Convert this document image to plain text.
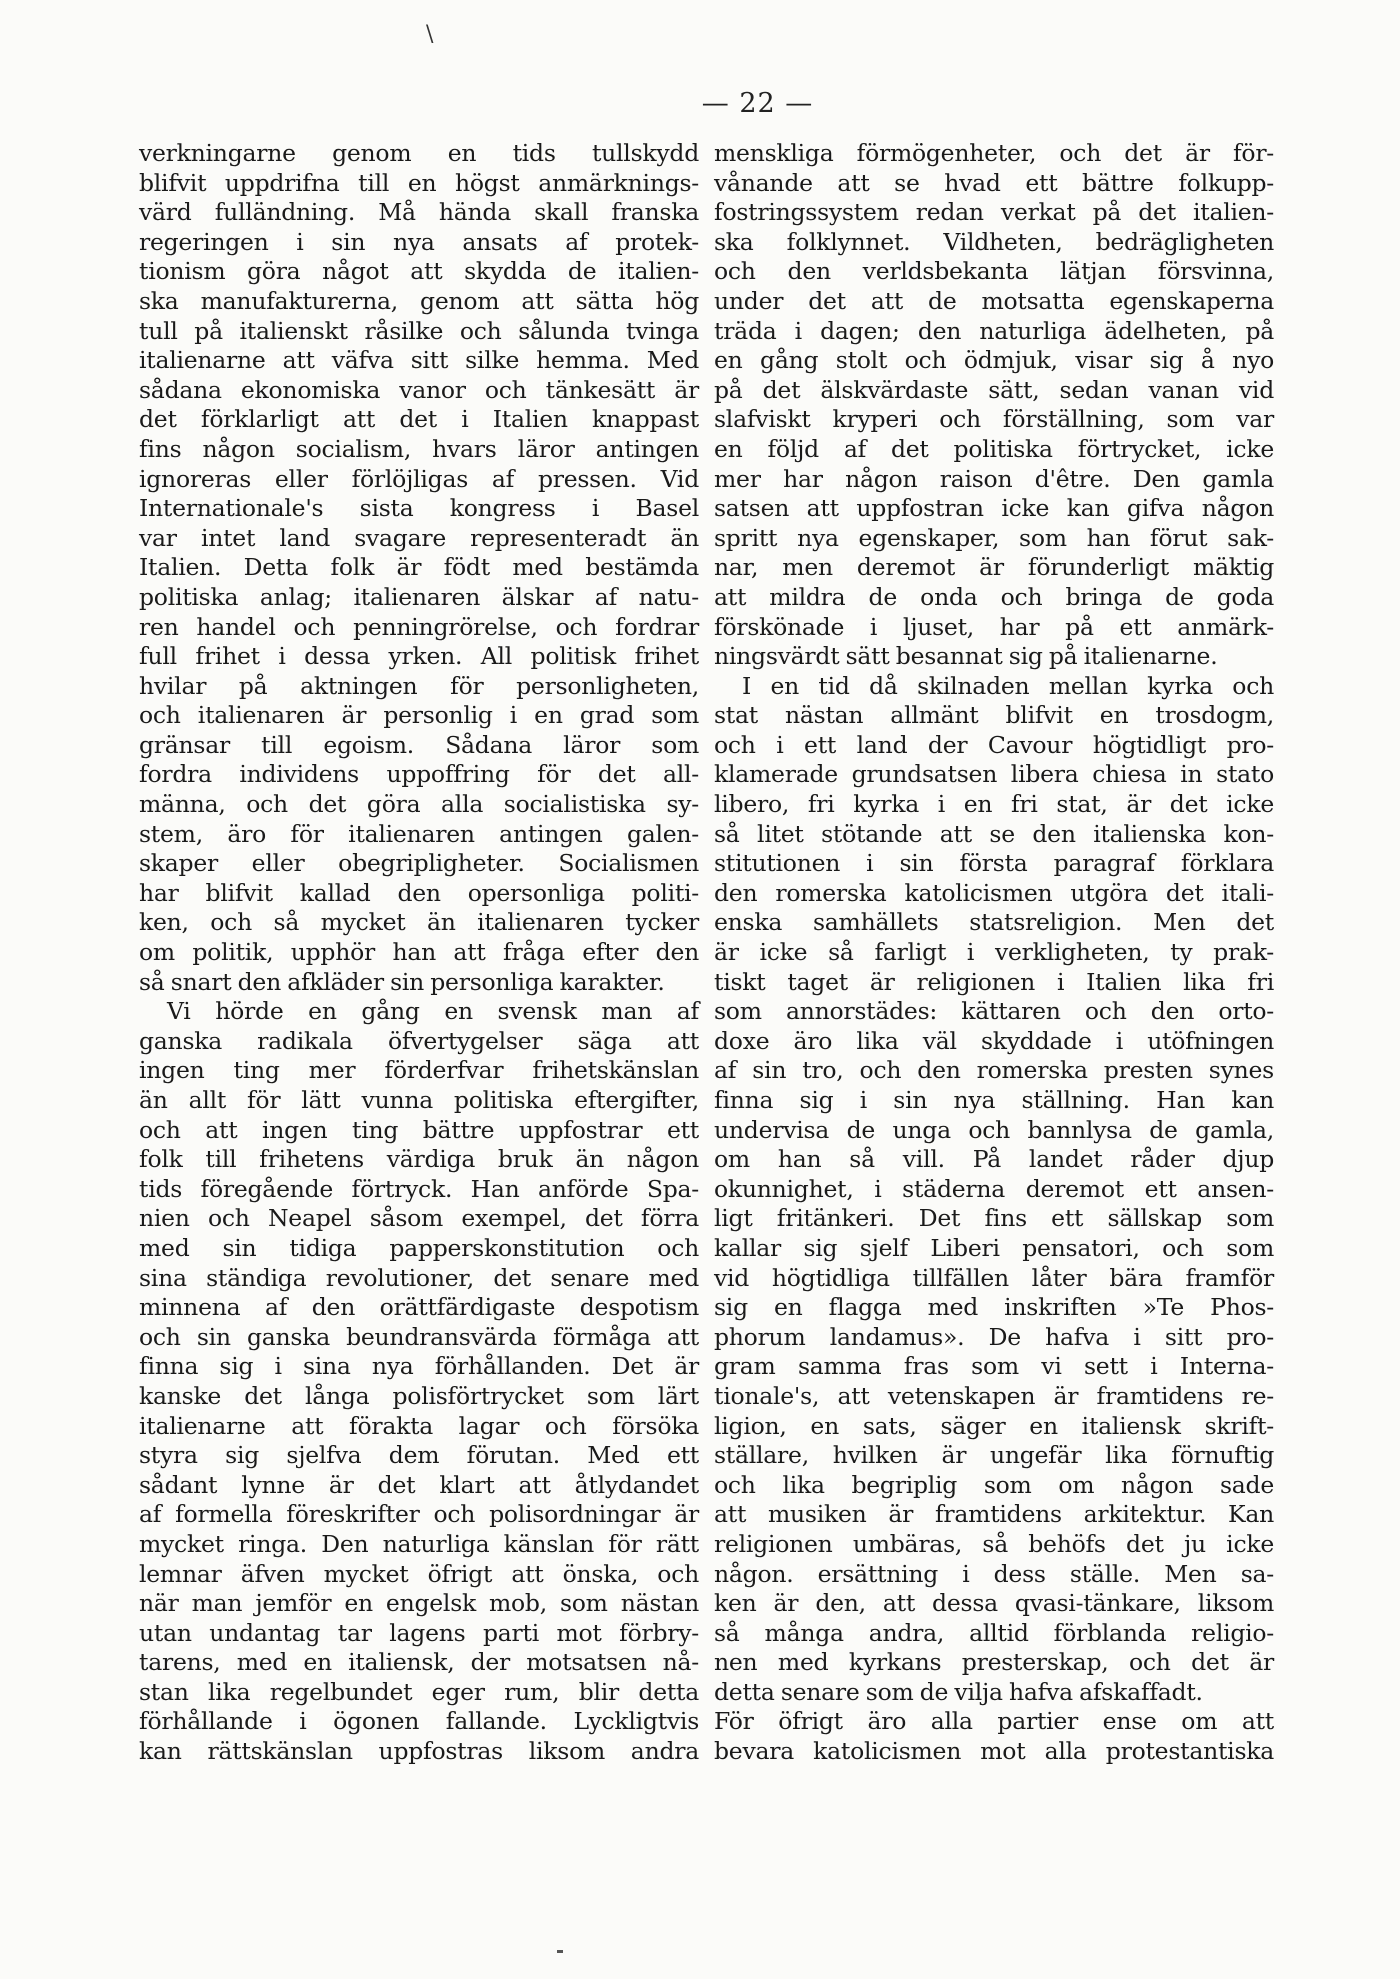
\
— 22 —
verkningarne genom en tids tullskydd
blifvit uppdrifna till en högst anmärknings-
värd fulländning. Må hända skall franska
regeringen i sin nya ansats af protek-
tionism göra något att skydda de italien-
ska manufakturerna, genom att sätta hög
tull på italienskt råsilke och sålunda tvinga
italienarne att väfva sitt silke hemma. Med
sådana ekonomiska vanor och tänkesätt är
det förklarligt att det i Italien knappast
fins någon socialism, hvars läror antingen
ignoreras eller förlöjligas af pressen. Vid
Internationale's sista kongress i Basel
var intet land svagare representeradt än
Italien. Detta folk är födt med bestämda
politiska anlag; italienaren älskar af natu-
ren handel och penningrörelse, och fordrar
full frihet i dessa yrken. All politisk frihet
hvilar på aktningen för personligheten,
och italienaren är personlig i en grad som
gränsar till egoism. Sådana läror som
fordra individens uppoffring för det all-
männa, och det göra alla socialistiska sy-
stem, äro för italienaren antingen galen-
skaper eller obegripligheter. Socialismen
har blifvit kallad den opersonliga politi-
ken, och så mycket än italienaren tycker
om politik, upphör han att fråga efter den
så snart den afkläder sin personliga karakter.
Vi hörde en gång en svensk man af
ganska radikala öfvertygelser säga att
ingen ting mer förderfvar frihetskänslan
än allt för lätt vunna politiska eftergifter,
och att ingen ting bättre uppfostrar ett
folk till frihetens värdiga bruk än någon
tids föregående förtryck. Han anförde Spa-
nien och Neapel såsom exempel, det förra
med sin tidiga papperskonstitution och
sina ständiga revolutioner, det senare med
minnena af den orättfärdigaste despotism
och sin ganska beundransvärda förmåga att
finna sig i sina nya förhållanden. Det är
kanske det långa polisförtrycket som lärt
italienarne att förakta lagar och försöka
styra sig sjelfva dem förutan. Med ett
sådant lynne är det klart att åtlydandet
af formella föreskrifter och polisordningar är
mycket ringa. Den naturliga känslan för rätt
lemnar äfven mycket öfrigt att önska, och
när man jemför en engelsk mob, som nästan
utan undantag tar lagens parti mot förbry-
tarens, med en italiensk, der motsatsen nå-
stan lika regelbundet eger rum, blir detta
förhållande i ögonen fallande. Lyckligtvis
kan rättskänslan uppfostras liksom andra
menskliga förmögenheter, och det är för-
vånande att se hvad ett bättre folkupp-
fostringssystem redan verkat på det italien-
ska folklynnet. Vildheten, bedrägligheten
och den verldsbekanta lätjan försvinna,
under det att de motsatta egenskaperna
träda i dagen; den naturliga ädelheten, på
en gång stolt och ödmjuk, visar sig å nyo
på det älskvärdaste sätt, sedan vanan vid
slafviskt kryperi och förställning, som var
en följd af det politiska förtrycket, icke
mer har någon raison d'être. Den gamla
satsen att uppfostran icke kan gifva någon
spritt nya egenskaper, som han förut sak-
nar, men deremot är förunderligt mäktig
att mildra de onda och bringa de goda
förskönade i ljuset, har på ett anmärk-
ningsvärdt sätt besannat sig på italienarne.
I en tid då skilnaden mellan kyrka och
stat nästan allmänt blifvit en trosdogm,
och i ett land der Cavour högtidligt pro-
klamerade grundsatsen libera chiesa in stato
libero, fri kyrka i en fri stat, är det icke
så litet stötande att se den italienska kon-
stitutionen i sin första paragraf förklara
den romerska katolicismen utgöra det itali-
enska samhällets statsreligion. Men det
är icke så farligt i verkligheten, ty prak-
tiskt taget är religionen i Italien lika fri
som annorstädes: kättaren och den orto-
doxe äro lika väl skyddade i utöfningen
af sin tro, och den romerska presten synes
finna sig i sin nya ställning. Han kan
undervisa de unga och bannlysa de gamla,
om han så vill. På landet råder djup
okunnighet, i städerna deremot ett ansen-
ligt fritänkeri. Det fins ett sällskap som
kallar sig sjelf Liberi pensatori, och som
vid högtidliga tillfällen låter bära framför
sig en flagga med inskriften »Te Phos-
phorum landamus». De hafva i sitt pro-
gram samma fras som vi sett i Interna-
tionale's, att vetenskapen är framtidens re-
ligion, en sats, säger en italiensk skrift-
ställare, hvilken är ungefär lika förnuftig
och lika begriplig som om någon sade
att musiken är framtidens arkitektur. Kan
religionen umbäras, så behöfs det ju icke
någon. ersättning i dess ställe. Men sa-
ken är den, att dessa qvasi-tänkare, liksom
så många andra, alltid förblanda religio-
nen med kyrkans presterskap, och det är
detta senare som de vilja hafva afskaffadt.
För öfrigt äro alla partier ense om att
bevara katolicismen mot alla protestantiska
